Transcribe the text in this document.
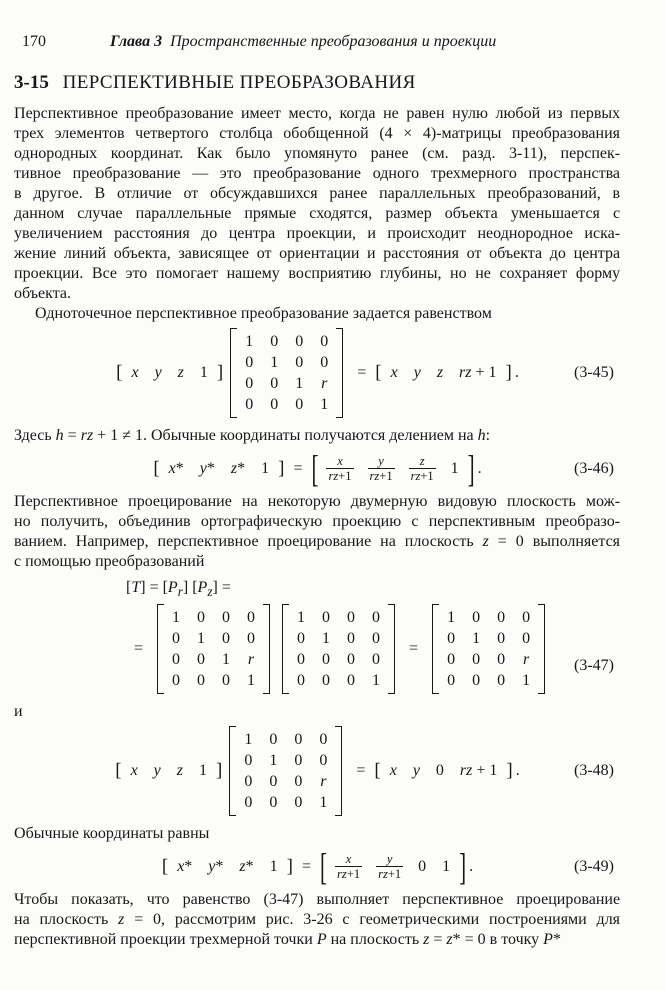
170	Глава 3 Пространственные преобразования и проекции
3-15 ПЕРСПЕКТИВНЫЕ ПРЕОБРАЗОВАНИЯ
Перспективное преобразование имеет место, когда не равен нулю любой из первых
трех элементов четвертого столбца обобщенной (4 × 4)-матрицы преобразования
однородных координат. Как было упомянуто ранее (см. разд. 3-11), перспек-
тивное преобразование — это преобразование одного трехмерного пространства
в другое. В отличие от обсуждавшихся ранее параллельных преобразований, в
данном случае параллельные прямые сходятся, размер объекта уменьшается с
увеличением расстояния до центра проекции, и происходит неоднородное иска-
жение линий объекта, зависящее от ориентации и расстояния от объекта до центра
проекции. Все это помогает нашему восприятию глубины, но не сохраняет форму
объекта.
Одноточечное перспективное преобразование задается равенством
[ x y z 1 ]
1 0 0 0
0 1 0 0
0 0 1 r
0 0 0 1
= [ x y z rz + 1 ] .	(3-45)
Здесь h = rz + 1 ≠ 1. Обычные координаты получаются делением на h:
[ x* y* z* 1 ] = [ x
rz+1
y
rz+1
z
rz+1 1 ] .	(3-46)
Перспективное проецирование на некоторую двумерную видовую плоскость мож-
но получить, объединив ортографическую проекцию с перспективным преобразо-
ванием. Например, перспективное проецирование на плоскость z = 0 выполняется
с помощью преобразований
$[T] = [P_r] [P_z]$ =
=
1 0 0 0
0 1 0 0
0 0 1 r
0 0 0 1
1 0 0 0
0 1 0 0
0 0 0 0
0 0 0 1
=
1 0 0 0
0 1 0 0
0 0 0 r
0 0 0 1
(3-47)
и
[ x y z 1 ]
1 0 0 0
0 1 0 0
0 0 0 r
0 0 0 1
= [ x y 0 rz + 1 ] .	(3-48)
Обычные координаты равны
[ x* y* z* 1 ] = [ x
rz+1
y
rz+1 0 1 ] .	(3-49)
Чтобы показать, что равенство (3-47) выполняет перспективное проецирование
на плоскость z = 0, рассмотрим рис. 3-26 с геометрическими построениями для
перспективной проекции трехмерной точки P на плоскость z = z* = 0 в точку P*
